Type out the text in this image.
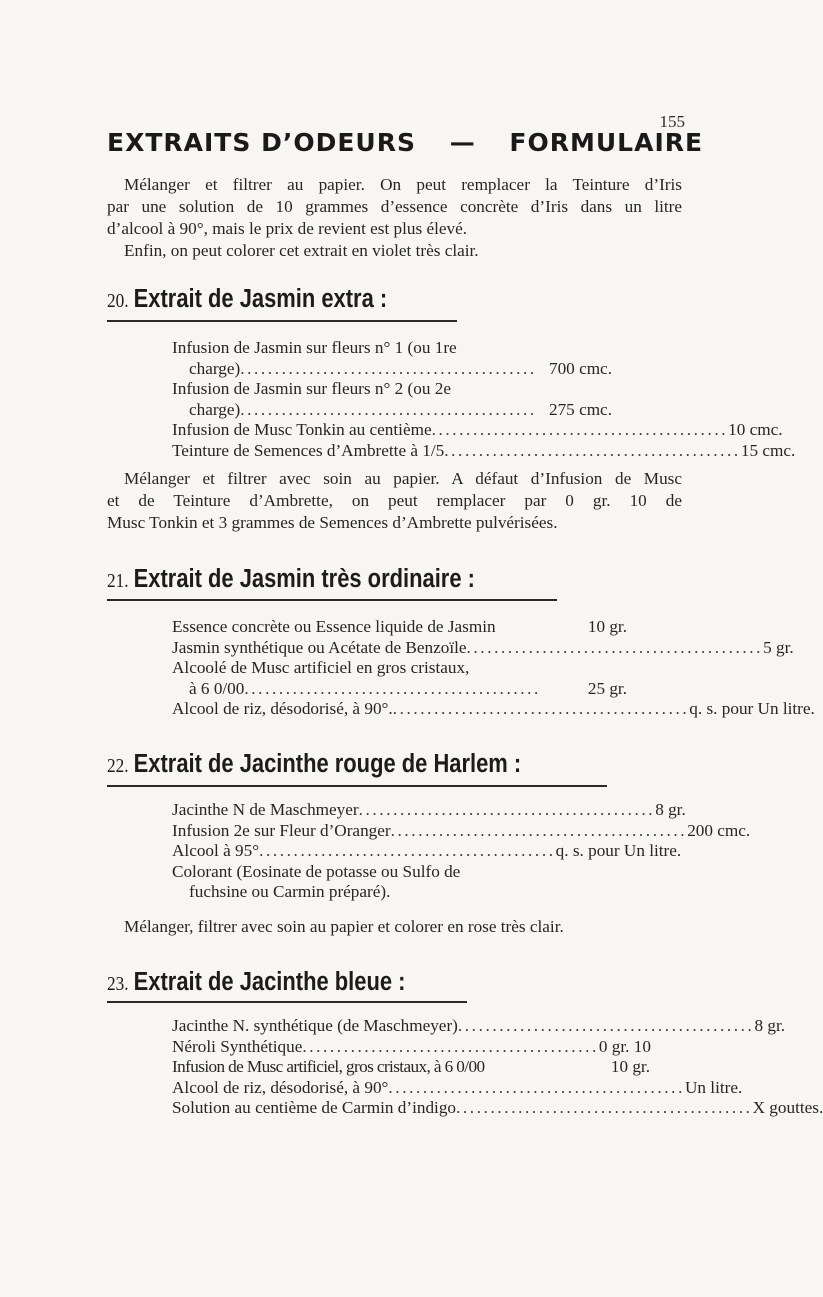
155
EXTRAITS D’ODEURS — FORMULAIRE
Mélanger et filtrer au papier. On peut remplacer la Teinture d’Iris
par une solution de 10 grammes d’essence concrète d’Iris dans un litre
d’alcool à 90°, mais le prix de revient est plus élevé.
Enfin, on peut colorer cet extrait en violet très clair.
20. Extrait de Jasmin extra :
Infusion de Jasmin sur fleurs n° 1 (ou 1re
charge) ........................................... 700 cmc.
Infusion de Jasmin sur fleurs n° 2 (ou 2e
charge) ........................................... 275 cmc.
Infusion de Musc Tonkin au centième ........................................... 10 cmc.
Teinture de Semences d’Ambrette à 1/5 ........................................... 15 cmc.
Mélanger et filtrer avec soin au papier. A défaut d’Infusion de Musc
et de Teinture d’Ambrette, on peut remplacer par 0 gr. 10 de
Musc Tonkin et 3 grammes de Semences d’Ambrette pulvérisées.
21. Extrait de Jasmin très ordinaire :
Essence concrète ou Essence liquide de Jasmin	10 gr.
Jasmin synthétique ou Acétate de Benzoïle ........................................... 5 gr.
Alcoolé de Musc artificiel en gros cristaux,
à 6 0/00 ...........................................	25 gr.
Alcool de riz, désodorisé, à 90°. ........................................... q. s. pour Un litre.
22. Extrait de Jacinthe rouge de Harlem :
Jacinthe N de Maschmeyer ........................................... 8 gr.
Infusion 2e sur Fleur d’Oranger ........................................... 200 cmc.
Alcool à 95° ........................................... q. s. pour Un litre.
Colorant (Eosinate de potasse ou Sulfo de
fuchsine ou Carmin préparé).
Mélanger, filtrer avec soin au papier et colorer en rose très clair.
23. Extrait de Jacinthe bleue :
Jacinthe N. synthétique (de Maschmeyer) ........................................... 8 gr.
Néroli Synthétique ........................................... 0 gr. 10
Infusion de Musc artificiel, gros cristaux, à 6 0/00	10 gr.
Alcool de riz, désodorisé, à 90° ........................................... Un litre.
Solution au centième de Carmin d’indigo ........................................... X gouttes.
